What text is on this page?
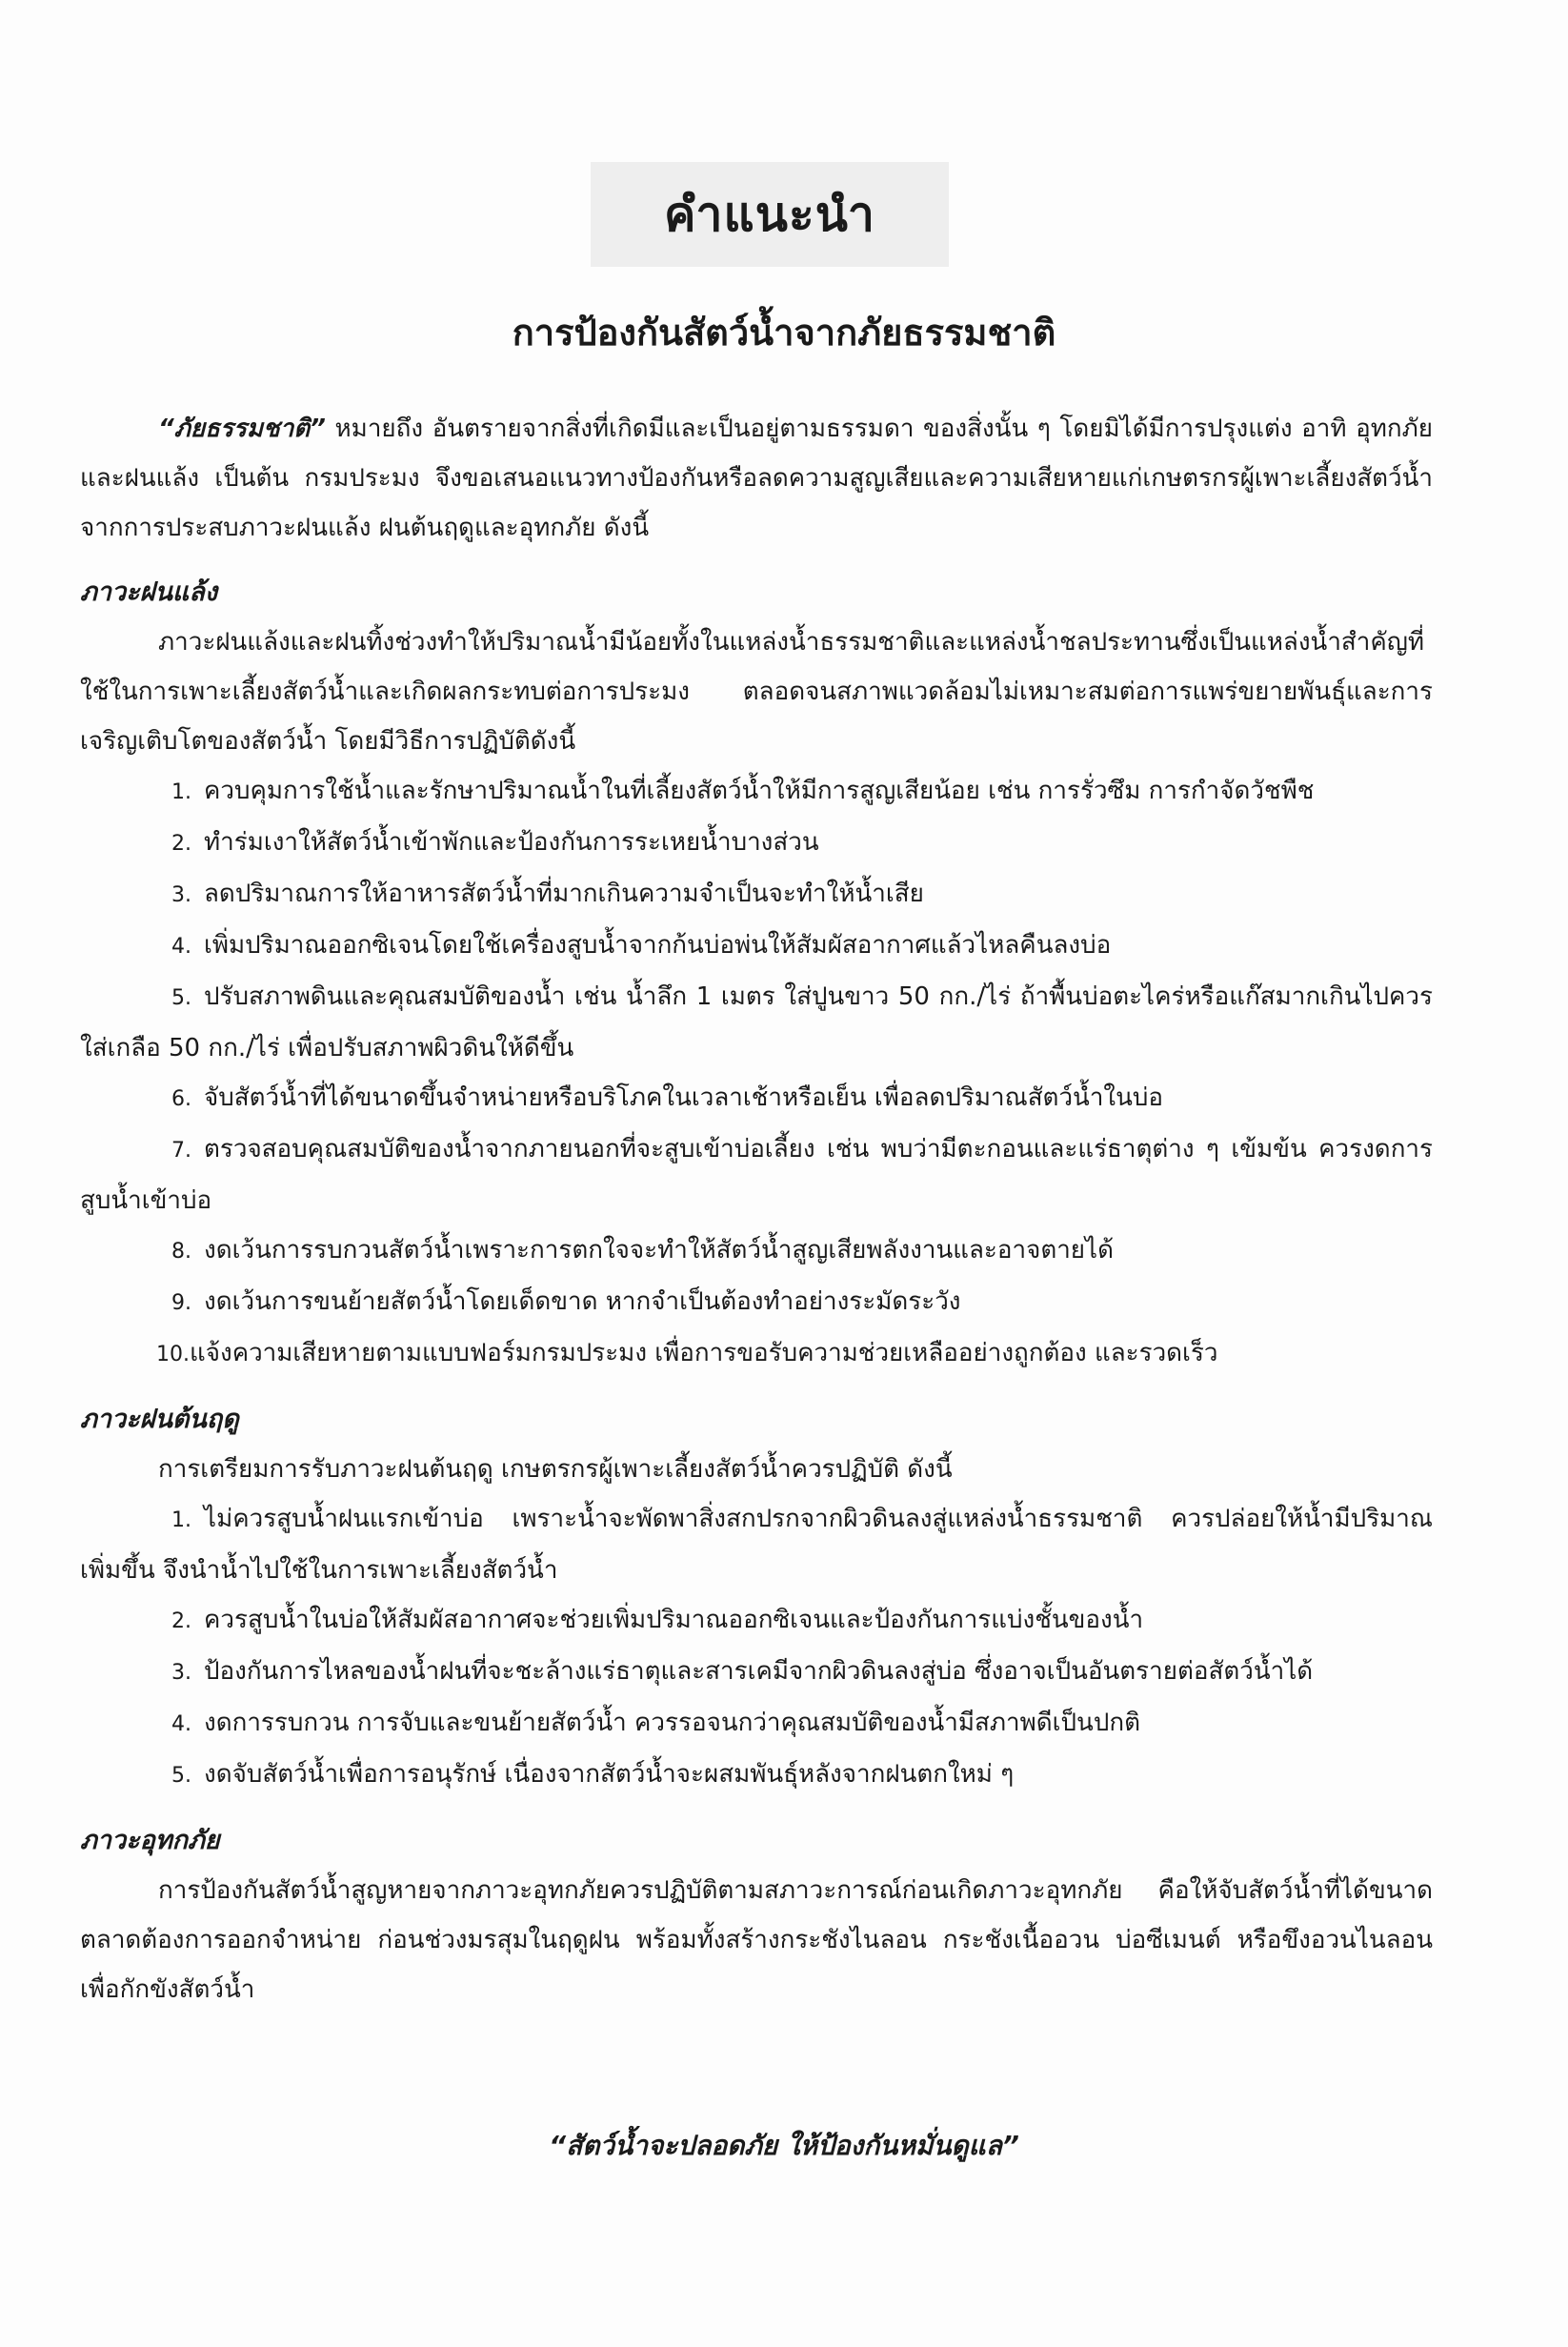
คำแนะนำ
การป้องกันสัตว์น้ำจากภัยธรรมชาติ

“ภัยธรรมชาติ” หมายถึง อันตรายจากสิ่งที่เกิดมีและเป็นอยู่ตามธรรมดา ของสิ่งนั้น ๆ โดยมิได้มีการปรุงแต่ง อาทิ อุทกภัย และฝนแล้ง เป็นต้น กรมประมง จึงขอเสนอแนวทางป้องกันหรือลดความสูญเสียและความเสียหายแก่เกษตรกรผู้เพาะเลี้ยงสัตว์น้ำจากการประสบภาวะฝนแล้ง ฝนต้นฤดูและอุทกภัย ดังนี้

ภาวะฝนแล้ง

ภาวะฝนแล้งและฝนทิ้งช่วงทำให้ปริมาณน้ำมีน้อยทั้งในแหล่งน้ำธรรมชาติและแหล่งน้ำชลประทานซึ่งเป็นแหล่งน้ำสำคัญที่ใช้ในการเพาะเลี้ยงสัตว์น้ำและเกิดผลกระทบต่อการประมง ตลอดจนสภาพแวดล้อมไม่เหมาะสมต่อการแพร่ขยายพันธุ์และการเจริญเติบโตของสัตว์น้ำ โดยมีวิธีการปฏิบัติดังนี้

1. ควบคุมการใช้น้ำและรักษาปริมาณน้ำในที่เลี้ยงสัตว์น้ำให้มีการสูญเสียน้อย เช่น การรั่วซึม การกำจัดวัชพืช
2. ทำร่มเงาให้สัตว์น้ำเข้าพักและป้องกันการระเหยน้ำบางส่วน
3. ลดปริมาณการให้อาหารสัตว์น้ำที่มากเกินความจำเป็นจะทำให้น้ำเสีย
4. เพิ่มปริมาณออกซิเจนโดยใช้เครื่องสูบน้ำจากก้นบ่อพ่นให้สัมผัสอากาศแล้วไหลคืนลงบ่อ
5. ปรับสภาพดินและคุณสมบัติของน้ำ เช่น น้ำลึก 1 เมตร ใส่ปูนขาว 50 กก./ไร่ ถ้าพื้นบ่อตะไคร่หรือแก๊สมากเกินไปควรใส่เกลือ 50 กก./ไร่ เพื่อปรับสภาพผิวดินให้ดีขึ้น
6. จับสัตว์น้ำที่ได้ขนาดขึ้นจำหน่ายหรือบริโภคในเวลาเช้าหรือเย็น เพื่อลดปริมาณสัตว์น้ำในบ่อ
7. ตรวจสอบคุณสมบัติของน้ำจากภายนอกที่จะสูบเข้าบ่อเลี้ยง เช่น พบว่ามีตะกอนและแร่ธาตุต่าง ๆ เข้มข้น ควรงดการสูบน้ำเข้าบ่อ
8. งดเว้นการรบกวนสัตว์น้ำเพราะการตกใจจะทำให้สัตว์น้ำสูญเสียพลังงานและอาจตายได้
9. งดเว้นการขนย้ายสัตว์น้ำโดยเด็ดขาด หากจำเป็นต้องทำอย่างระมัดระวัง
10.แจ้งความเสียหายตามแบบฟอร์มกรมประมง เพื่อการขอรับความช่วยเหลืออย่างถูกต้อง และรวดเร็ว
ภาวะฝนต้นฤดู

การเตรียมการรับภาวะฝนต้นฤดู เกษตรกรผู้เพาะเลี้ยงสัตว์น้ำควรปฏิบัติ ดังนี้

1. ไม่ควรสูบน้ำฝนแรกเข้าบ่อ เพราะน้ำจะพัดพาสิ่งสกปรกจากผิวดินลงสู่แหล่งน้ำธรรมชาติ ควรปล่อยให้น้ำมีปริมาณเพิ่มขึ้น จึงนำน้ำไปใช้ในการเพาะเลี้ยงสัตว์น้ำ
2. ควรสูบน้ำในบ่อให้สัมผัสอากาศจะช่วยเพิ่มปริมาณออกซิเจนและป้องกันการแบ่งชั้นของน้ำ
3. ป้องกันการไหลของน้ำฝนที่จะชะล้างแร่ธาตุและสารเคมีจากผิวดินลงสู่บ่อ ซึ่งอาจเป็นอันตรายต่อสัตว์น้ำได้
4. งดการรบกวน การจับและขนย้ายสัตว์น้ำ ควรรอจนกว่าคุณสมบัติของน้ำมีสภาพดีเป็นปกติ
5. งดจับสัตว์น้ำเพื่อการอนุรักษ์ เนื่องจากสัตว์น้ำจะผสมพันธุ์หลังจากฝนตกใหม่ ๆ
ภาวะอุทกภัย

การป้องกันสัตว์น้ำสูญหายจากภาวะอุทกภัยควรปฏิบัติตามสภาวะการณ์ก่อนเกิดภาวะอุทกภัย คือให้จับสัตว์น้ำที่ได้ขนาดตลาดต้องการออกจำหน่าย ก่อนช่วงมรสุมในฤดูฝน พร้อมทั้งสร้างกระชังไนลอน กระชังเนื้ออวน บ่อซีเมนต์ หรือขึงอวนไนลอน เพื่อกักขังสัตว์น้ำ

“สัตว์น้ำจะปลอดภัย ให้ป้องกันหมั่นดูแล”
